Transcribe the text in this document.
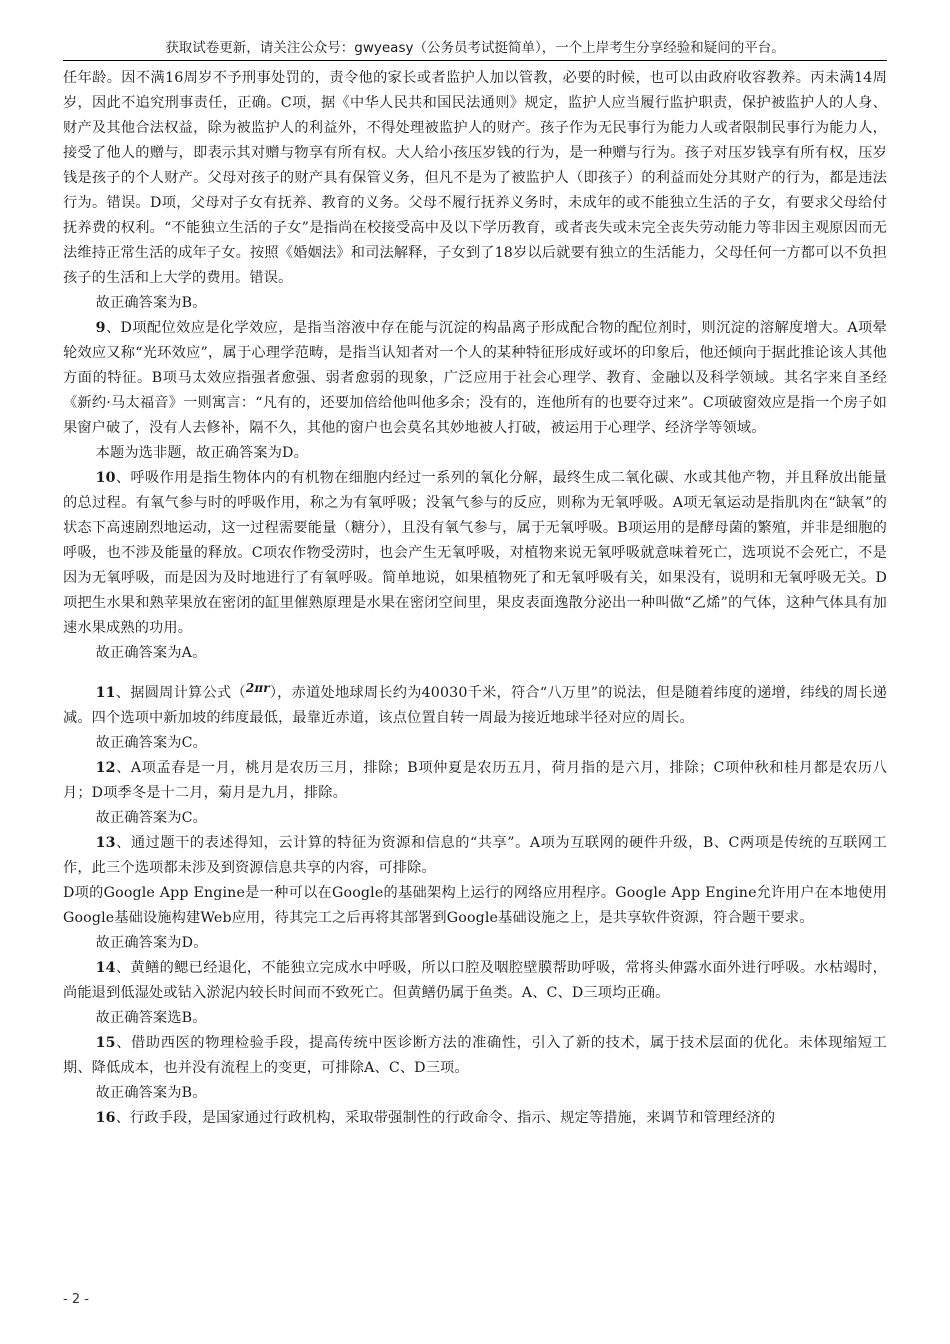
获取试卷更新，请关注公众号：gwyeasy（公务员考试挺简单），一个上岸考生分享经验和疑问的平台。

任年龄。因不满16周岁不予刑事处罚的，责令他的家长或者监护人加以管教，必要的时候，也可以由政府收容教养。丙未满14周岁，因此不追究刑事责任，正确。C项，据《中华人民共和国民法通则》规定，监护人应当履行监护职责，保护被监护人的人身、财产及其他合法权益，除为被监护人的利益外，不得处理被监护人的财产。孩子作为无民事行为能力人或者限制民事行为能力人，接受了他人的赠与，即表示其对赠与物享有所有权。大人给小孩压岁钱的行为，是一种赠与行为。孩子对压岁钱享有所有权，压岁钱是孩子的个人财产。父母对孩子的财产具有保管义务，但凡不是为了被监护人（即孩子）的利益而处分其财产的行为，都是违法行为。错误。D项，父母对子女有抚养、教育的义务。父母不履行抚养义务时，未成年的或不能独立生活的子女，有要求父母给付抚养费的权利。“不能独立生活的子女”是指尚在校接受高中及以下学历教育，或者丧失或未完全丧失劳动能力等非因主观原因而无法维持正常生活的成年子女。按照《婚姻法》和司法解释，子女到了18岁以后就要有独立的生活能力，父母任何一方都可以不负担孩子的生活和上大学的费用。错误。

故正确答案为B。

9、D项配位效应是化学效应，是指当溶液中存在能与沉淀的构晶离子形成配合物的配位剂时，则沉淀的溶解度增大。A项晕轮效应又称“光环效应”，属于心理学范畴，是指当认知者对一个人的某种特征形成好或坏的印象后，他还倾向于据此推论该人其他方面的特征。B项马太效应指强者愈强、弱者愈弱的现象，广泛应用于社会心理学、教育、金融以及科学领域。其名字来自圣经《新约·马太福音》一则寓言：“凡有的，还要加倍给他叫他多余；没有的，连他所有的也要夺过来”。C项破窗效应是指一个房子如果窗户破了，没有人去修补，隔不久，其他的窗户也会莫名其妙地被人打破，被运用于心理学、经济学等领域。

本题为选非题，故正确答案为D。

10、呼吸作用是指生物体内的有机物在细胞内经过一系列的氧化分解，最终生成二氧化碳、水或其他产物，并且释放出能量的总过程。有氧气参与时的呼吸作用，称之为有氧呼吸；没氧气参与的反应，则称为无氧呼吸。A项无氧运动是指肌肉在“缺氧”的状态下高速剧烈地运动，这一过程需要能量（糖分），且没有氧气参与，属于无氧呼吸。B项运用的是酵母菌的繁殖，并非是细胞的呼吸，也不涉及能量的释放。C项农作物受涝时，也会产生无氧呼吸，对植物来说无氧呼吸就意味着死亡，选项说不会死亡，不是因为无氧呼吸，而是因为及时地进行了有氧呼吸。简单地说，如果植物死了和无氧呼吸有关，如果没有，说明和无氧呼吸无关。D项把生水果和熟苹果放在密闭的缸里催熟原理是水果在密闭空间里，果皮表面逸散分泌出一种叫做“乙烯”的气体，这种气体具有加速水果成熟的功用。

故正确答案为A。

11、据圆周计算公式（$^{2\pi r}$），赤道处地球周长约为40030千米，符合“八万里”的说法，但是随着纬度的递增，纬线的周长递减。四个选项中新加坡的纬度最低，最靠近赤道，该点位置自转一周最为接近地球半径对应的周长。

故正确答案为C。

12、A项孟春是一月，桃月是农历三月，排除；B项仲夏是农历五月，荷月指的是六月，排除；C项仲秋和桂月都是农历八月；D项季冬是十二月，菊月是九月，排除。

故正确答案为C。

13、通过题干的表述得知，云计算的特征为资源和信息的“共享”。A项为互联网的硬件升级，B、C两项是传统的互联网工作，此三个选项都未涉及到资源信息共享的内容，可排除。

D项的Google App Engine是一种可以在Google的基础架构上运行的网络应用程序。Google App Engine允许用户在本地使用Google基础设施构建Web应用，待其完工之后再将其部署到Google基础设施之上，是共享软件资源，符合题干要求。

故正确答案为D。

14、黄鳝的鳃已经退化，不能独立完成水中呼吸，所以口腔及咽腔壁膜帮助呼吸，常将头伸露水面外进行呼吸。水枯竭时，尚能退到低湿处或钻入淤泥内较长时间而不致死亡。但黄鳝仍属于鱼类。A、C、D三项均正确。

故正确答案选B。

15、借助西医的物理检验手段，提高传统中医诊断方法的准确性，引入了新的技术，属于技术层面的优化。未体现缩短工期、降低成本，也并没有流程上的变更，可排除A、C、D三项。

故正确答案为B。

16、行政手段，是国家通过行政机构，采取带强制性的行政命令、指示、规定等措施，来调节和管理经济的

- 2 -
